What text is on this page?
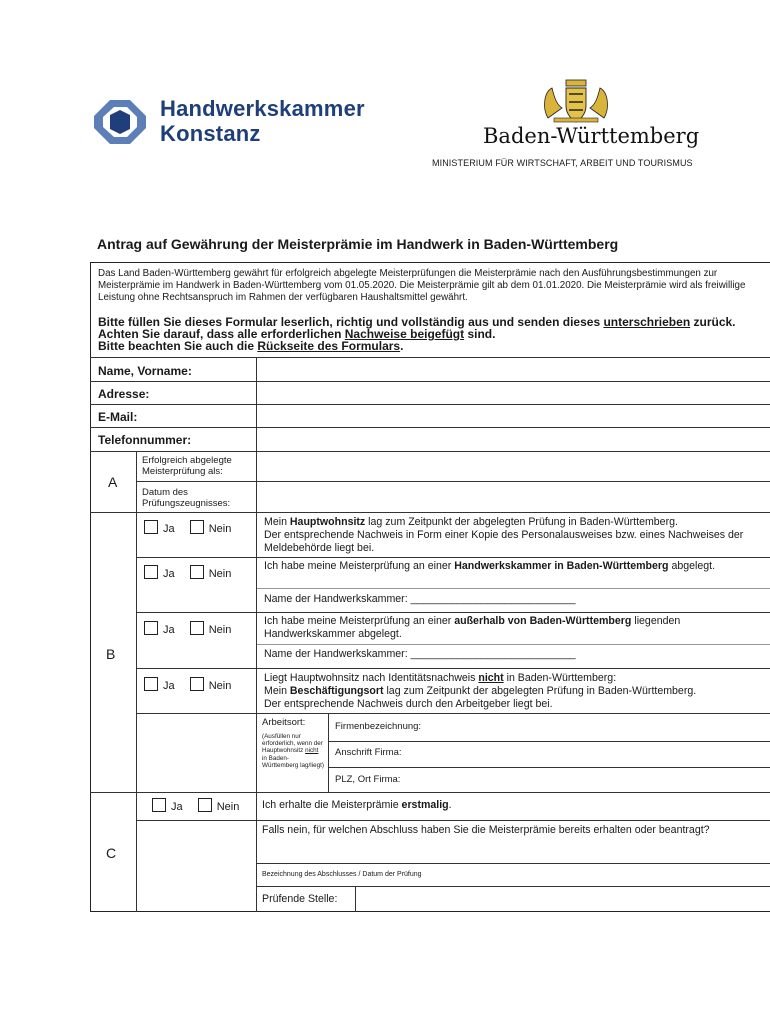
Handwerkskammer
Konstanz	Baden-Württemberg
MINISTERIUM FÜR WIRTSCHAFT, ARBEIT UND TOURISMUS
Antrag auf Gewährung der Meisterprämie im Handwerk in Baden-Württemberg
Das Land Baden-Württemberg gewährt für erfolgreich abgelegte Meisterprüfungen die Meisterprämie nach den Ausführungsbestimmungen zur Meisterprämie im Handwerk in Baden-Württemberg vom 01.05.2020. Die Meisterprämie gilt ab dem 01.01.2020. Die Meisterprämie wird als freiwillige Leistung ohne Rechtsanspruch im Rahmen der verfügbaren Haushaltsmittel gewährt.
Bitte füllen Sie dieses Formular leserlich, richtig und vollständig aus und senden dieses unterschrieben zurück. Achten Sie darauf, dass alle erforderlichen Nachweise beigefügt sind.
Bitte beachten Sie auch die Rückseite des Formulars.
Name, Vorname:
Adresse:
E-Mail:
Telefonnummer:
A
Erfolgreich abgelegte Meisterprüfung als:
Datum des Prüfungszeugnisses:
B
Ja	Nein
Mein Hauptwohnsitz lag zum Zeitpunkt der abgelegten Prüfung in Baden-Württemberg.
Der entsprechende Nachweis in Form einer Kopie des Personalausweises bzw. eines Nachweises der Meldebehörde liegt bei.
Ja	Nein
Ich habe meine Meisterprüfung an einer Handwerkskammer in Baden-Württemberg abgelegt.
Name der Handwerkskammer: ____________________________
Ja	Nein
Ich habe meine Meisterprüfung an einer außerhalb von Baden-Württemberg liegenden Handwerkskammer abgelegt.
Name der Handwerkskammer: ____________________________
Ja	Nein
Liegt Hauptwohnsitz nach Identitätsnachweis nicht in Baden-Württemberg:
Mein Beschäftigungsort lag zum Zeitpunkt der abgelegten Prüfung in Baden-Württemberg.
Der entsprechende Nachweis durch den Arbeitgeber liegt bei.
Arbeitsort:
(Ausfüllen nur erforderlich, wenn der Hauptwohnsitz nicht in Baden-Württemberg lag/liegt)
Firmenbezeichnung:
Anschrift Firma:
PLZ, Ort Firma:
C
Ja	Nein Ich erhalte die Meisterprämie erstmalig.
Falls nein, für welchen Abschluss haben Sie die Meisterprämie bereits erhalten oder beantragt?
Bezeichnung des Abschlusses / Datum der Prüfung
Prüfende Stelle:
